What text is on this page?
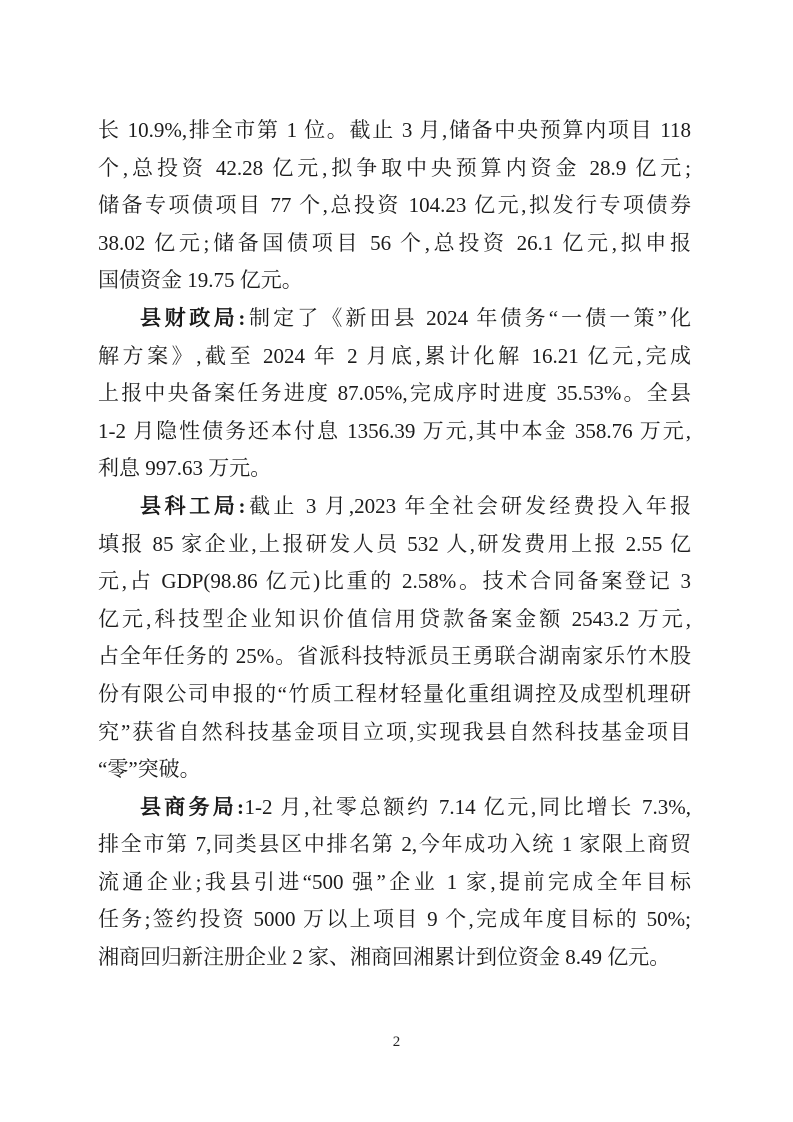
长 10.9%,排全市第 1 位。截止 3 月,储备中央预算内项目 118
个,总投资 42.28 亿元,拟争取中央预算内资金 28.9 亿元;
储备专项债项目 77 个,总投资 104.23 亿元,拟发行专项债券
38.02 亿元;储备国债项目 56 个,总投资 26.1 亿元,拟申报
国债资金 19.75 亿元。
县财政局:制定了《新田县 2024 年债务“一债一策”化
解方案》,截至 2024 年 2 月底,累计化解 16.21 亿元,完成
上报中央备案任务进度 87.05%,完成序时进度 35.53%。全县
1-2 月隐性债务还本付息 1356.39 万元,其中本金 358.76 万元,
利息 997.63 万元。
县科工局:截止 3 月,2023 年全社会研发经费投入年报
填报 85 家企业,上报研发人员 532 人,研发费用上报 2.55 亿
元,占 GDP(98.86 亿元)比重的 2.58%。技术合同备案登记 3
亿元,科技型企业知识价值信用贷款备案金额 2543.2 万元,
占全年任务的 25%。省派科技特派员王勇联合湖南家乐竹木股
份有限公司申报的“竹质工程材轻量化重组调控及成型机理研
究”获省自然科技基金项目立项,实现我县自然科技基金项目
“零”突破。
县商务局:1-2 月,社零总额约 7.14 亿元,同比增长 7.3%,
排全市第 7,同类县区中排名第 2,今年成功入统 1 家限上商贸
流通企业;我县引进“500 强”企业 1 家,提前完成全年目标
任务;签约投资 5000 万以上项目 9 个,完成年度目标的 50%;
湘商回归新注册企业 2 家、湘商回湘累计到位资金 8.49 亿元。
2
